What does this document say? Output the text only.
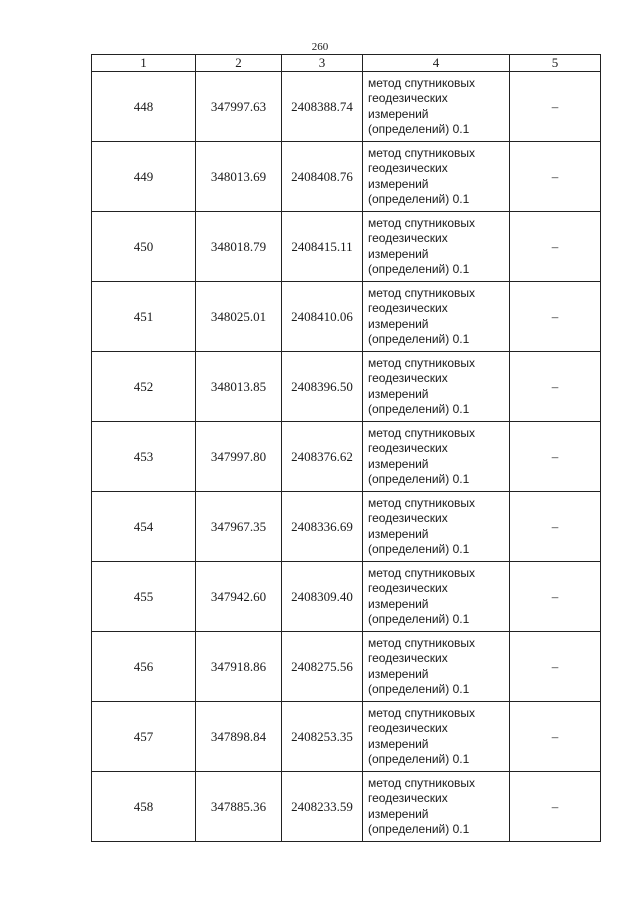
260
1	2	3	4	5
448	347997.63	2408388.74	метод спутниковых
геодезических
измерений
(определений) 0.1	–
449	348013.69	2408408.76	метод спутниковых
геодезических
измерений
(определений) 0.1	–
450	348018.79	2408415.11	метод спутниковых
геодезических
измерений
(определений) 0.1	–
451	348025.01	2408410.06	метод спутниковых
геодезических
измерений
(определений) 0.1	–
452	348013.85	2408396.50	метод спутниковых
геодезических
измерений
(определений) 0.1	–
453	347997.80	2408376.62	метод спутниковых
геодезических
измерений
(определений) 0.1	–
454	347967.35	2408336.69	метод спутниковых
геодезических
измерений
(определений) 0.1	–
455	347942.60	2408309.40	метод спутниковых
геодезических
измерений
(определений) 0.1	–
456	347918.86	2408275.56	метод спутниковых
геодезических
измерений
(определений) 0.1	–
457	347898.84	2408253.35	метод спутниковых
геодезических
измерений
(определений) 0.1	–
458	347885.36	2408233.59	метод спутниковых
геодезических
измерений
(определений) 0.1	–
